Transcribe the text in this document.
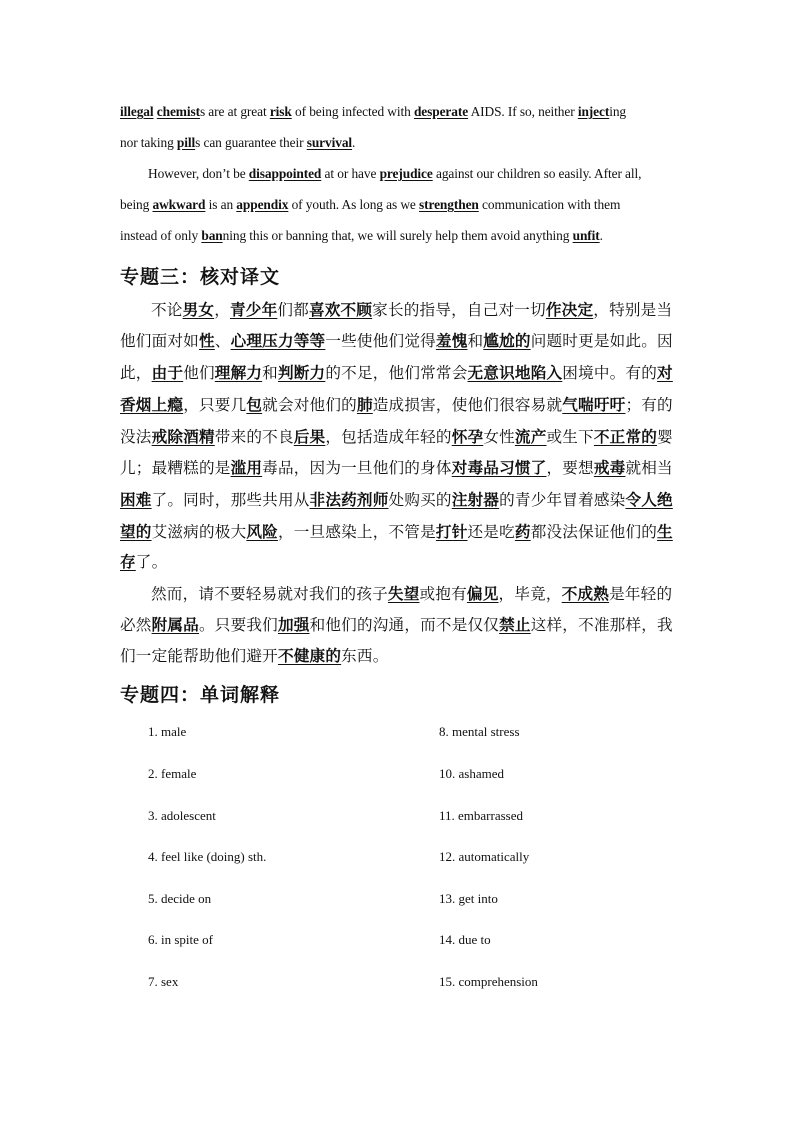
illegal chemists are at great risk of being infected with desperate AIDS. If so, neither injecting
nor taking pills can guarantee their survival.
However, don’t be disappointed at or have prejudice against our children so easily. After all,
being awkward is an appendix of youth. As long as we strengthen communication with them
instead of only banning this or banning that, we will surely help them avoid anything unfit.
专题三：核对译文
不论男女，青少年们都喜欢不顾家长的指导，自己对一切作决定，特别是当
他们面对如性、心理压力等等一些使他们觉得羞愧和尴尬的问题时更是如此。因
此，由于他们理解力和判断力的不足，他们常常会无意识地陷入困境中。有的对
香烟上瘾，只要几包就会对他们的肺造成损害，使他们很容易就气喘吁吁；有的
没法戒除酒精带来的不良后果，包括造成年轻的怀孕女性流产或生下不正常的婴
儿；最糟糕的是滥用毒品，因为一旦他们的身体对毒品习惯了，要想戒毒就相当
困难了。同时，那些共用从非法药剂师处购买的注射器的青少年冒着感染令人绝
望的艾滋病的极大风险，一旦感染上，不管是打针还是吃药都没法保证他们的生
存了。
然而，请不要轻易就对我们的孩子失望或抱有偏见，毕竟，不成熟是年轻的
必然附属品。只要我们加强和他们的沟通，而不是仅仅禁止这样，不准那样，我
们一定能帮助他们避开不健康的东西。
专题四：单词解释
1. male
2. female
3. adolescent
4. feel like (doing) sth.
5. decide on
6. in spite of
7. sex
8. mental stress
10. ashamed
11. embarrassed
12. automatically
13. get into
14. due to
15. comprehension
